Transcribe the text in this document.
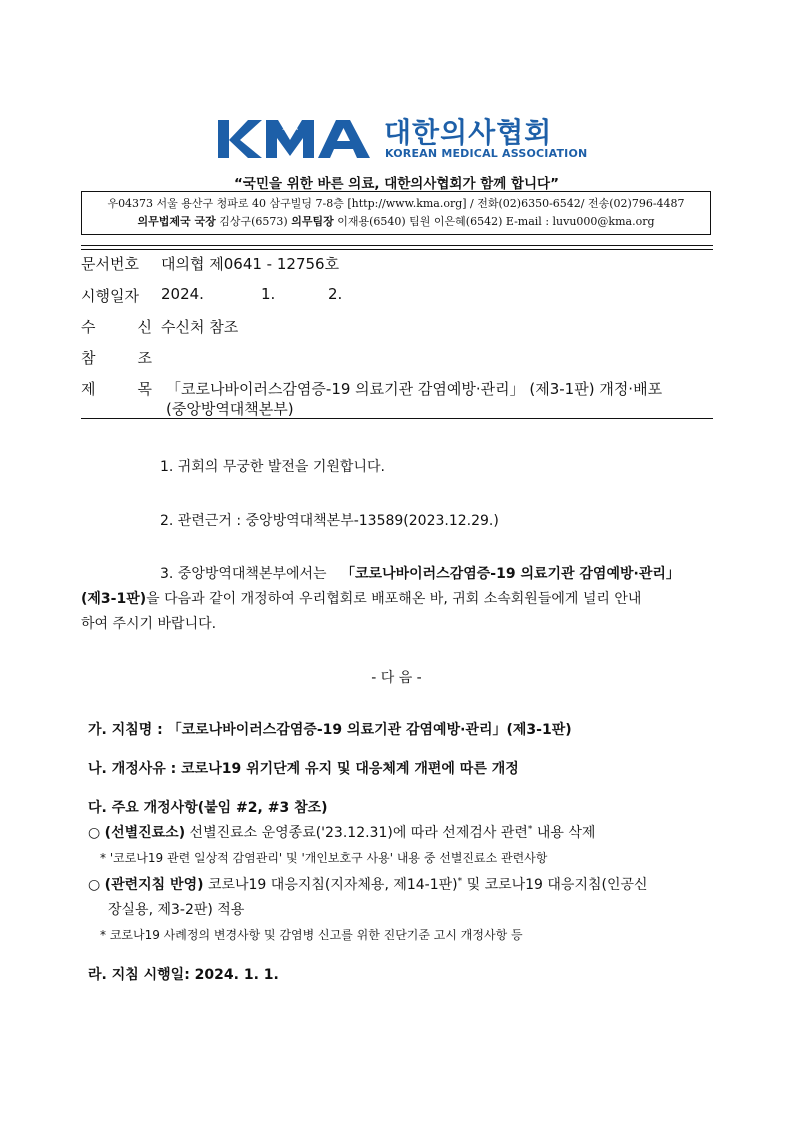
대한의사협회
KOREAN MEDICAL ASSOCIATION
“국민을 위한 바른 의료, 대한의사협회가 함께 합니다”
우04373 서울 용산구 청파로 40 삼구빌딩 7-8층 [http://www.kma.org] / 전화(02)6350-6542/ 전송(02)796-4487
의무법제국 국장 김상구(6573) 의무팀장 이재용(6540) 팀원 이은혜(6542) E-mail : luvu000@kma.org
문서번호 대의협 제0641 - 12756호
시행일자 2024.	1.	2.
수	신 수신처 참조
참	조
제	목 「코로나바이러스감염증-19 의료기관 감염예방·관리」 (제3-1판) 개정·배포
(중앙방역대책본부)
1. 귀회의 무궁한 발전을 기원합니다.
2. 관련근거 : 중앙방역대책본부-13589(2023.12.29.)
3. 중앙방역대책본부에서는 「코로나바이러스감염증-19 의료기관 감염예방·관리」
(제3-1판)을 다음과 같이 개정하여 우리협회로 배포해온 바, 귀회 소속회원들에게 널리 안내
하여 주시기 바랍니다.
- 다 음 -
가. 지침명 : 「코로나바이러스감염증-19 의료기관 감염예방·관리」(제3-1판)
나. 개정사유 : 코로나19 위기단계 유지 및 대응체계 개편에 따른 개정
다. 주요 개정사항(붙임 #2, #3 참조)
○ (선별진료소) 선별진료소 운영종료('23.12.31)에 따라 선제검사 관련* 내용 삭제
* '코로나19 관련 일상적 감염관리' 및 '개인보호구 사용' 내용 중 선별진료소 관련사항
○ (관련지침 반영) 코로나19 대응지침(지자체용, 제14-1판)* 및 코로나19 대응지침(인공신
장실용, 제3-2판) 적용
* 코로나19 사례정의 변경사항 및 감염병 신고를 위한 진단기준 고시 개정사항 등
라. 지침 시행일: 2024. 1. 1.
